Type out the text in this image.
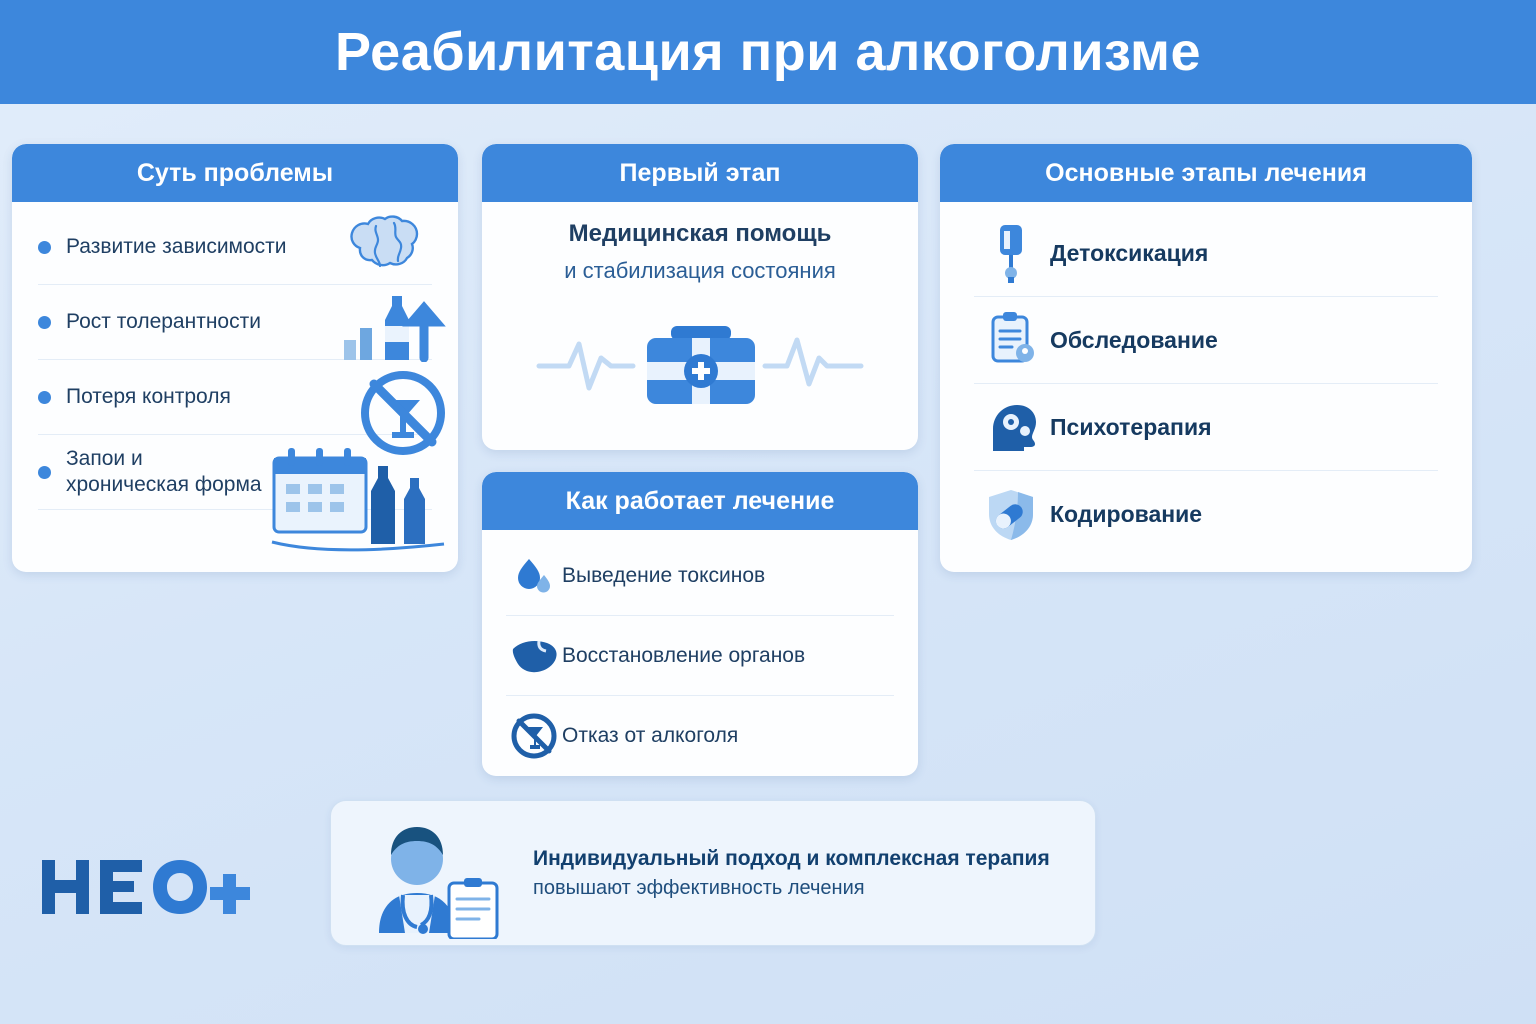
Реабилитация при алкоголизме
Суть проблемы
Развитие зависимости
Рост толерантности
Потеря контроля
Запои и хроническая форма
Первый этап
Медицинская помощь
и стабилизация состояния
Как работает лечение
Выведение токсинов
Восстановление органов
Отказ от алкоголя
Основные этапы лечения
Детоксикация
Обследование
Психотерапия
Кодирование
Индивидуальный подход и комплексная терапия
повышают эффективность лечения
